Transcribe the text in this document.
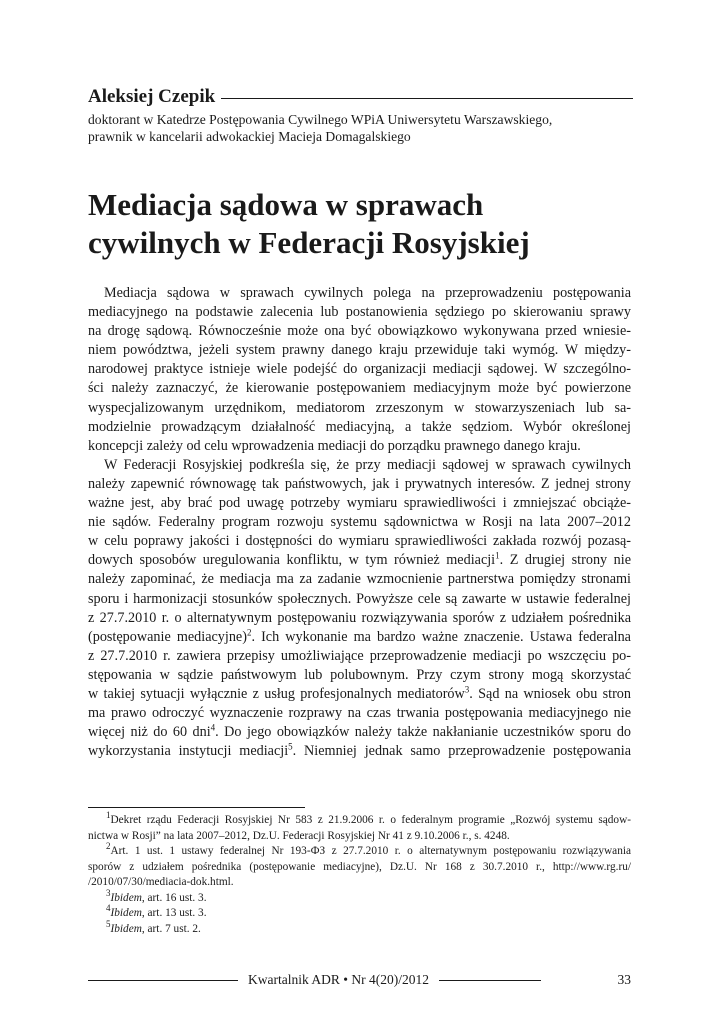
Aleksiej Czepik
doktorant w Katedrze Postępowania Cywilnego WPiA Uniwersytetu Warszawskiego,
prawnik w kancelarii adwokackiej Macieja Domagalskiego
Mediacja sądowa w sprawach
cywilnych w Federacji Rosyjskiej
Mediacja sądowa w sprawach cywilnych polega na przeprowadzeniu postępowania
mediacyjnego na podstawie zalecenia lub postanowienia sędziego po skierowaniu sprawy
na drogę sądową. Równocześnie może ona być obowiązkowo wykonywana przed wniesie-
niem powództwa, jeżeli system prawny danego kraju przewiduje taki wymóg. W między-
narodowej praktyce istnieje wiele podejść do organizacji mediacji sądowej. W szczególno-
ści należy zaznaczyć, że kierowanie postępowaniem mediacyjnym może być powierzone
wyspecjalizowanym urzędnikom, mediatorom zrzeszonym w stowarzyszeniach lub sa-
modzielnie prowadzącym działalność mediacyjną, a także sędziom. Wybór określonej
koncepcji zależy od celu wprowadzenia mediacji do porządku prawnego danego kraju.
W Federacji Rosyjskiej podkreśla się, że przy mediacji sądowej w sprawach cywilnych
należy zapewnić równowagę tak państwowych, jak i prywatnych interesów. Z jednej strony
ważne jest, aby brać pod uwagę potrzeby wymiaru sprawiedliwości i zmniejszać obciąże-
nie sądów. Federalny program rozwoju systemu sądownictwa w Rosji na lata 2007–2012
w celu poprawy jakości i dostępności do wymiaru sprawiedliwości zakłada rozwój pozasą-
dowych sposobów uregulowania konfliktu, w tym również mediacji$^1$. Z drugiej strony nie
należy zapominać, że mediacja ma za zadanie wzmocnienie partnerstwa pomiędzy stronami
sporu i harmonizacji stosunków społecznych. Powyższe cele są zawarte w ustawie federalnej
z 27.7.2010 r. o alternatywnym postępowaniu rozwiązywania sporów z udziałem pośrednika
(postępowanie mediacyjne)$^2$. Ich wykonanie ma bardzo ważne znaczenie. Ustawa federalna
z 27.7.2010 r. zawiera przepisy umożliwiające przeprowadzenie mediacji po wszczęciu po-
stępowania w sądzie państwowym lub polubownym. Przy czym strony mogą skorzystać
w takiej sytuacji wyłącznie z usług profesjonalnych mediatorów$^3$. Sąd na wniosek obu stron
ma prawo odroczyć wyznaczenie rozprawy na czas trwania postępowania mediacyjnego nie
więcej niż do 60 dni$^4$. Do jego obowiązków należy także nakłanianie uczestników sporu do
wykorzystania instytucji mediacji$^5$. Niemniej jednak samo przeprowadzenie postępowania
$^1$Dekret rządu Federacji Rosyjskiej Nr 583 z 21.9.2006 r. o federalnym programie „Rozwój systemu sądow-
nictwa w Rosji” na lata 2007–2012, Dz.U. Federacji Rosyjskiej Nr 41 z 9.10.2006 r., s. 4248.
$^2$Art. 1 ust. 1 ustawy federalnej Nr 193-ФЗ z 27.7.2010 r. o alternatywnym postępowaniu rozwiązywania
sporów z udziałem pośrednika (postępowanie mediacyjne), Dz.U. Nr 168 z 30.7.2010 r., http://www.rg.ru/
/2010/07/30/mediacia-dok.html.
$^3$Ibidem, art. 16 ust. 3.
$^4$Ibidem, art. 13 ust. 3.
$^5$Ibidem, art. 7 ust. 2.
Kwartalnik ADR • Nr 4(20)/2012	33
